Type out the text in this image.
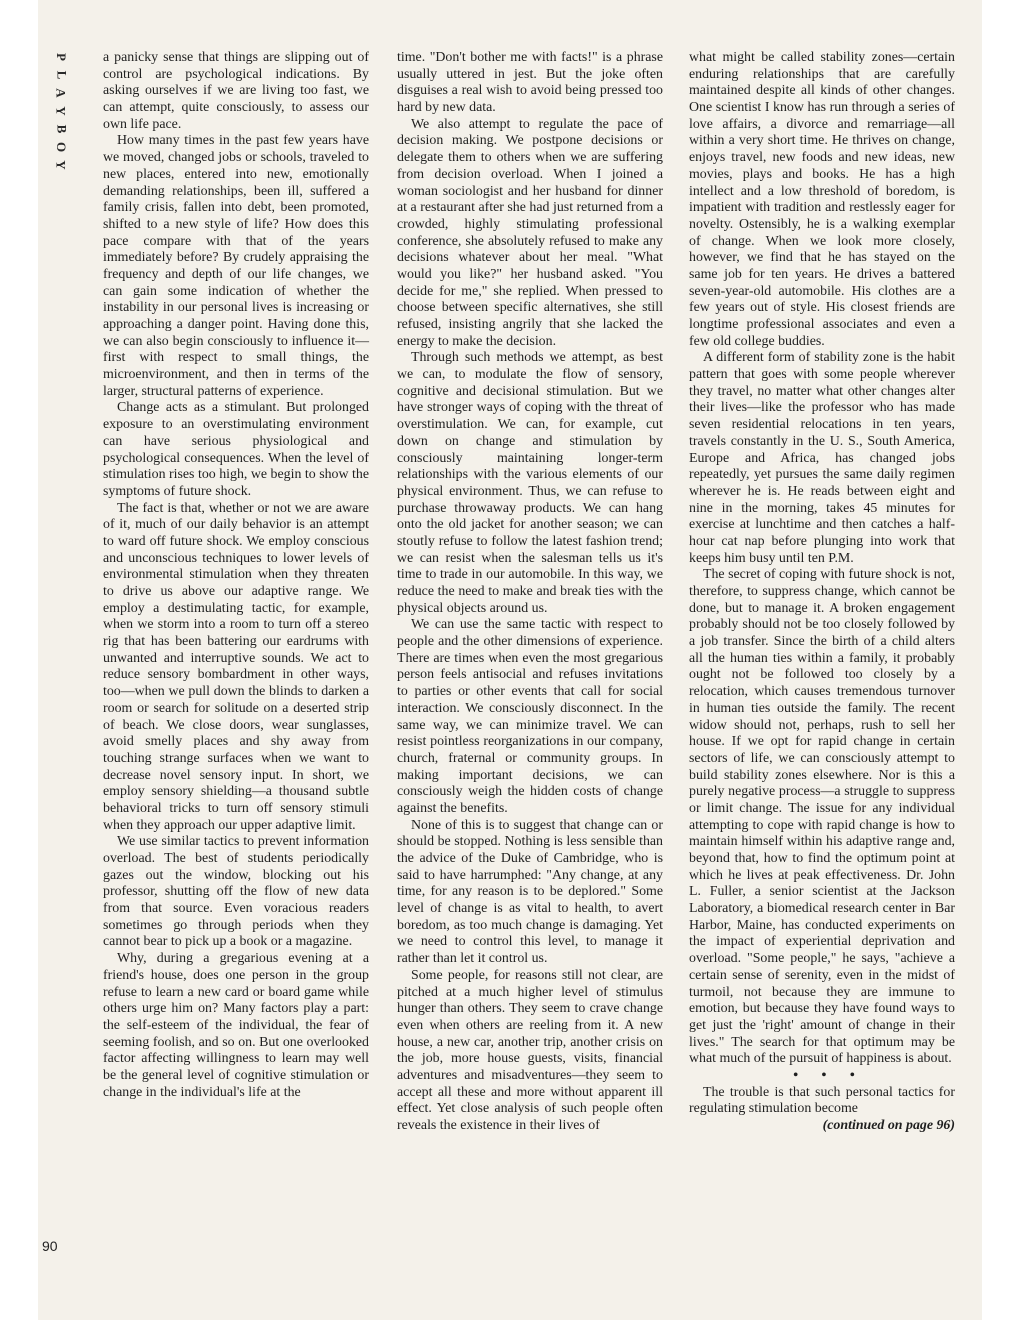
P
L
A
Y
B
O
Y

a panicky sense that things are slipping out of control are psychological indications. By asking ourselves if we are living too fast, we can attempt, quite consciously, to assess our own life pace.

How many times in the past few years have we moved, changed jobs or schools, traveled to new places, entered into new, emotionally demanding relationships, been ill, suffered a family crisis, fallen into debt, been promoted, shifted to a new style of life? How does this pace compare with that of the years immediately before? By crudely appraising the frequency and depth of our life changes, we can gain some indication of whether the instability in our personal lives is increasing or approaching a danger point. Having done this, we can also begin consciously to influence it—first with respect to small things, the microenvironment, and then in terms of the larger, structural patterns of experience.

Change acts as a stimulant. But prolonged exposure to an overstimulating environment can have serious physiological and psychological consequences. When the level of stimulation rises too high, we begin to show the symptoms of future shock.

The fact is that, whether or not we are aware of it, much of our daily behavior is an attempt to ward off future shock. We employ conscious and unconscious techniques to lower levels of environmental stimulation when they threaten to drive us above our adaptive range. We employ a destimulating tactic, for example, when we storm into a room to turn off a stereo rig that has been battering our eardrums with unwanted and interruptive sounds. We act to reduce sensory bombardment in other ways, too—when we pull down the blinds to darken a room or search for solitude on a deserted strip of beach. We close doors, wear sunglasses, avoid smelly places and shy away from touching strange surfaces when we want to decrease novel sensory input. In short, we employ sensory shielding—a thousand subtle behavioral tricks to turn off sensory stimuli when they approach our upper adaptive limit.

We use similar tactics to prevent information overload. The best of students periodically gazes out the window, blocking out his professor, shutting off the flow of new data from that source. Even voracious readers sometimes go through periods when they cannot bear to pick up a book or a magazine.

Why, during a gregarious evening at a friend's house, does one person in the group refuse to learn a new card or board game while others urge him on? Many factors play a part: the self-esteem of the individual, the fear of seeming foolish, and so on. But one overlooked factor affecting willingness to learn may well be the general level of cognitive stimulation or change in the individual's life at the

time. "Don't bother me with facts!" is a phrase usually uttered in jest. But the joke often disguises a real wish to avoid being pressed too hard by new data.

We also attempt to regulate the pace of decision making. We postpone decisions or delegate them to others when we are suffering from decision overload. When I joined a woman sociologist and her husband for dinner at a restaurant after she had just returned from a crowded, highly stimulating professional conference, she absolutely refused to make any decisions whatever about her meal. "What would you like?" her husband asked. "You decide for me," she replied. When pressed to choose between specific alternatives, she still refused, insisting angrily that she lacked the energy to make the decision.

Through such methods we attempt, as best we can, to modulate the flow of sensory, cognitive and decisional stimulation. But we have stronger ways of coping with the threat of overstimulation. We can, for example, cut down on change and stimulation by consciously maintaining longer-term relationships with the various elements of our physical environment. Thus, we can refuse to purchase throwaway products. We can hang onto the old jacket for another season; we can stoutly refuse to follow the latest fashion trend; we can resist when the salesman tells us it's time to trade in our automobile. In this way, we reduce the need to make and break ties with the physical objects around us.

We can use the same tactic with respect to people and the other dimensions of experience. There are times when even the most gregarious person feels antisocial and refuses invitations to parties or other events that call for social interaction. We consciously disconnect. In the same way, we can minimize travel. We can resist pointless reorganizations in our company, church, fraternal or community groups. In making important decisions, we can consciously weigh the hidden costs of change against the benefits.

None of this is to suggest that change can or should be stopped. Nothing is less sensible than the advice of the Duke of Cambridge, who is said to have harrumphed: "Any change, at any time, for any reason is to be deplored." Some level of change is as vital to health, to avert boredom, as too much change is damaging. Yet we need to control this level, to manage it rather than let it control us.

Some people, for reasons still not clear, are pitched at a much higher level of stimulus hunger than others. They seem to crave change even when others are reeling from it. A new house, a new car, another trip, another crisis on the job, more house guests, visits, financial adventures and misadventures—they seem to accept all these and more without apparent ill effect. Yet close analysis of such people often reveals the existence in their lives of

what might be called stability zones—certain enduring relationships that are carefully maintained despite all kinds of other changes. One scientist I know has run through a series of love affairs, a divorce and remarriage—all within a very short time. He thrives on change, enjoys travel, new foods and new ideas, new movies, plays and books. He has a high intellect and a low threshold of boredom, is impatient with tradition and restlessly eager for novelty. Ostensibly, he is a walking exemplar of change. When we look more closely, however, we find that he has stayed on the same job for ten years. He drives a battered seven-year-old automobile. His clothes are a few years out of style. His closest friends are longtime professional associates and even a few old college buddies.

A different form of stability zone is the habit pattern that goes with some people wherever they travel, no matter what other changes alter their lives—like the professor who has made seven residential relocations in ten years, travels constantly in the U. S., South America, Europe and Africa, has changed jobs repeatedly, yet pursues the same daily regimen wherever he is. He reads between eight and nine in the morning, takes 45 minutes for exercise at lunchtime and then catches a half-hour cat nap before plunging into work that keeps him busy until ten P.M.

The secret of coping with future shock is not, therefore, to suppress change, which cannot be done, but to manage it. A broken engagement probably should not be too closely followed by a job transfer. Since the birth of a child alters all the human ties within a family, it probably ought not be followed too closely by a relocation, which causes tremendous turnover in human ties outside the family. The recent widow should not, perhaps, rush to sell her house. If we opt for rapid change in certain sectors of life, we can consciously attempt to build stability zones elsewhere. Nor is this a purely negative process—a struggle to suppress or limit change. The issue for any individual attempting to cope with rapid change is how to maintain himself within his adaptive range and, beyond that, how to find the optimum point at which he lives at peak effectiveness. Dr. John L. Fuller, a senior scientist at the Jackson Laboratory, a biomedical research center in Bar Harbor, Maine, has conducted experiments on the impact of experiential deprivation and overload. "Some people," he says, "achieve a certain sense of serenity, even in the midst of turmoil, not because they are immune to emotion, but because they have found ways to get just the 'right' amount of change in their lives." The search for that optimum may be what much of the pursuit of happiness is about.

• • •

The trouble is that such personal tactics for regulating stimulation become

(continued on page 96)

90
